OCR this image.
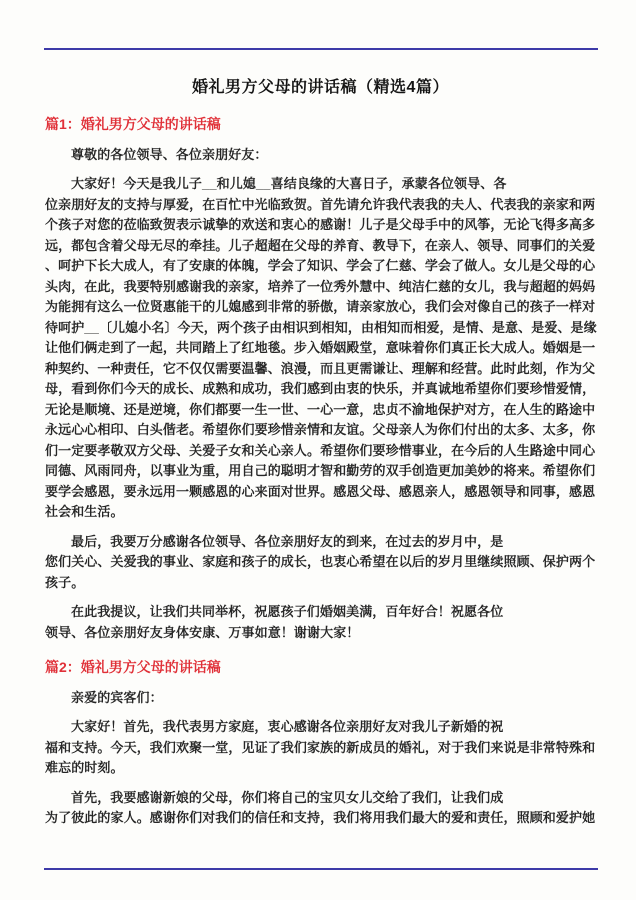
婚礼男方父母的讲话稿（精选4篇）
篇1：婚礼男方父母的讲话稿
尊敬的各位领导、各位亲朋好友：
大家好！今天是我儿子__和儿媳__喜结良缘的大喜日子，承蒙各位领导、各
位亲朋好友的支持与厚爱，在百忙中光临致贺。首先请允许我代表我的夫人、代表我的亲家和两
个孩子对您的莅临致贺表示诚挚的欢送和衷心的感谢！儿子是父母手中的风筝，无论飞得多高多
远，都包含着父母无尽的牵挂。儿子超超在父母的养育、教导下，在亲人、领导、同事们的关爱
、呵护下长大成人，有了安康的体魄，学会了知识、学会了仁慈、学会了做人。女儿是父母的心
头肉，在此，我要特别感谢我的亲家，培养了一位秀外慧中、纯洁仁慈的女儿，我与超超的妈妈
为能拥有这么一位贤惠能干的儿媳感到非常的骄傲，请亲家放心，我们会对像自己的孩子一样对
待呵护__〔儿媳小名〕今天，两个孩子由相识到相知，由相知而相爱，是情、是意、是爱、是缘
让他们俩走到了一起，共同踏上了红地毯。步入婚姻殿堂，意味着你们真正长大成人。婚姻是一
种契约、一种责任，它不仅仅需要温馨、浪漫，而且更需谦让、理解和经营。此时此刻，作为父
母，看到你们今天的成长、成熟和成功，我们感到由衷的快乐，并真诚地希望你们要珍惜爱情，
无论是顺境、还是逆境，你们都要一生一世、一心一意，忠贞不渝地保护对方，在人生的路途中
永远心心相印、白头偕老。希望你们要珍惜亲情和友谊。父母亲人为你们付出的太多、太多，你
们一定要孝敬双方父母、关爱子女和关心亲人。希望你们要珍惜事业，在今后的人生路途中同心
同德、风雨同舟，以事业为重，用自己的聪明才智和勤劳的双手创造更加美妙的将来。希望你们
要学会感恩，要永远用一颗感恩的心来面对世界。感恩父母、感恩亲人，感恩领导和同事，感恩
社会和生活。
最后，我要万分感谢各位领导、各位亲朋好友的到来，在过去的岁月中，是
您们关心、关爱我的事业、家庭和孩子的成长，也衷心希望在以后的岁月里继续照顾、保护两个
孩子。
在此我提议，让我们共同举杯，祝愿孩子们婚姻美满，百年好合！祝愿各位
领导、各位亲朋好友身体安康、万事如意！谢谢大家！
篇2：婚礼男方父母的讲话稿
亲爱的宾客们：
大家好！首先，我代表男方家庭，衷心感谢各位亲朋好友对我儿子新婚的祝
福和支持。今天，我们欢聚一堂，见证了我们家族的新成员的婚礼，对于我们来说是非常特殊和
难忘的时刻。
首先，我要感谢新娘的父母，你们将自己的宝贝女儿交给了我们，让我们成
为了彼此的家人。感谢你们对我们的信任和支持，我们将用我们最大的爱和责任，照顾和爱护她
